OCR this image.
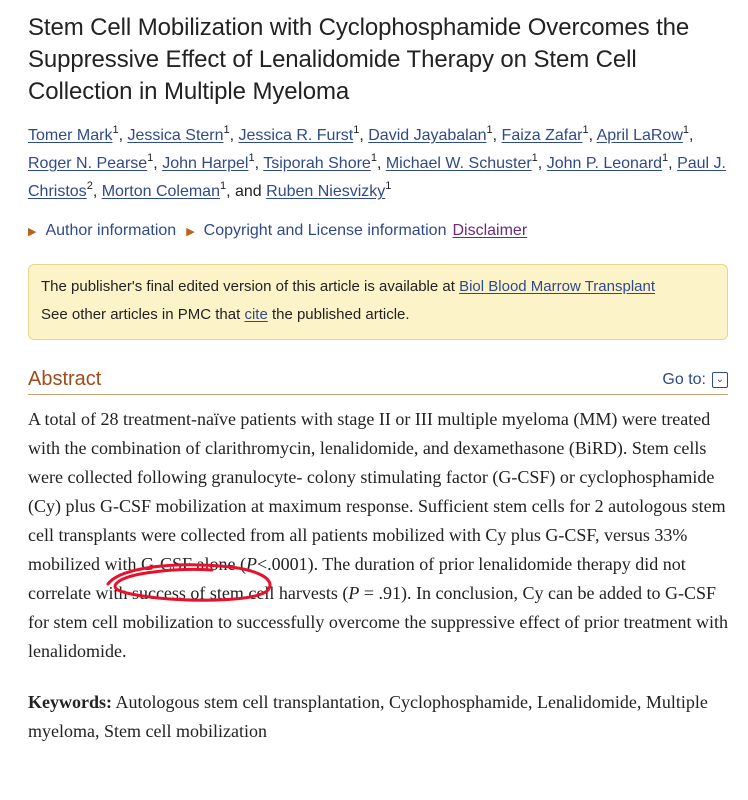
Stem Cell Mobilization with Cyclophosphamide Overcomes the Suppressive Effect of Lenalidomide Therapy on Stem Cell Collection in Multiple Myeloma
Tomer Mark$^1$, Jessica Stern$^1$, Jessica R. Furst$^1$, David Jayabalan$^1$, Faiza Zafar$^1$, April LaRow$^1$, Roger N. Pearse$^1$, John Harpel$^1$, Tsiporah Shore$^1$, Michael W. Schuster$^1$, John P. Leonard$^1$, Paul J. Christos$^2$, Morton Coleman$^1$, and Ruben Niesvizky$^1$
▶ Author information ▶ Copyright and License information Disclaimer
The publisher's final edited version of this article is available at Biol Blood Marrow Transplant
See other articles in PMC that cite the published article.
Abstract	Go to: ⌄
A total of 28 treatment-naïve patients with stage II or III multiple myeloma (MM) were treated with the combination of clarithromycin, lenalidomide, and dexamethasone (BiRD). Stem cells were collected following granulocyte- colony stimulating factor (G-CSF) or cyclophosphamide (Cy) plus G-CSF mobilization at maximum response. Sufficient stem cells for 2 autologous stem cell transplants were collected from all patients mobilized with Cy plus G-CSF, versus 33% mobilized with G-CSF alone (P<.0001). The duration of prior lenalidomide therapy did not correlate with success of stem cell harvests (P = .91). In conclusion, Cy can be added to G-CSF for stem cell mobilization to successfully overcome the suppressive effect of prior treatment with lenalidomide.
Keywords: Autologous stem cell transplantation, Cyclophosphamide, Lenalidomide, Multiple myeloma, Stem cell mobilization
